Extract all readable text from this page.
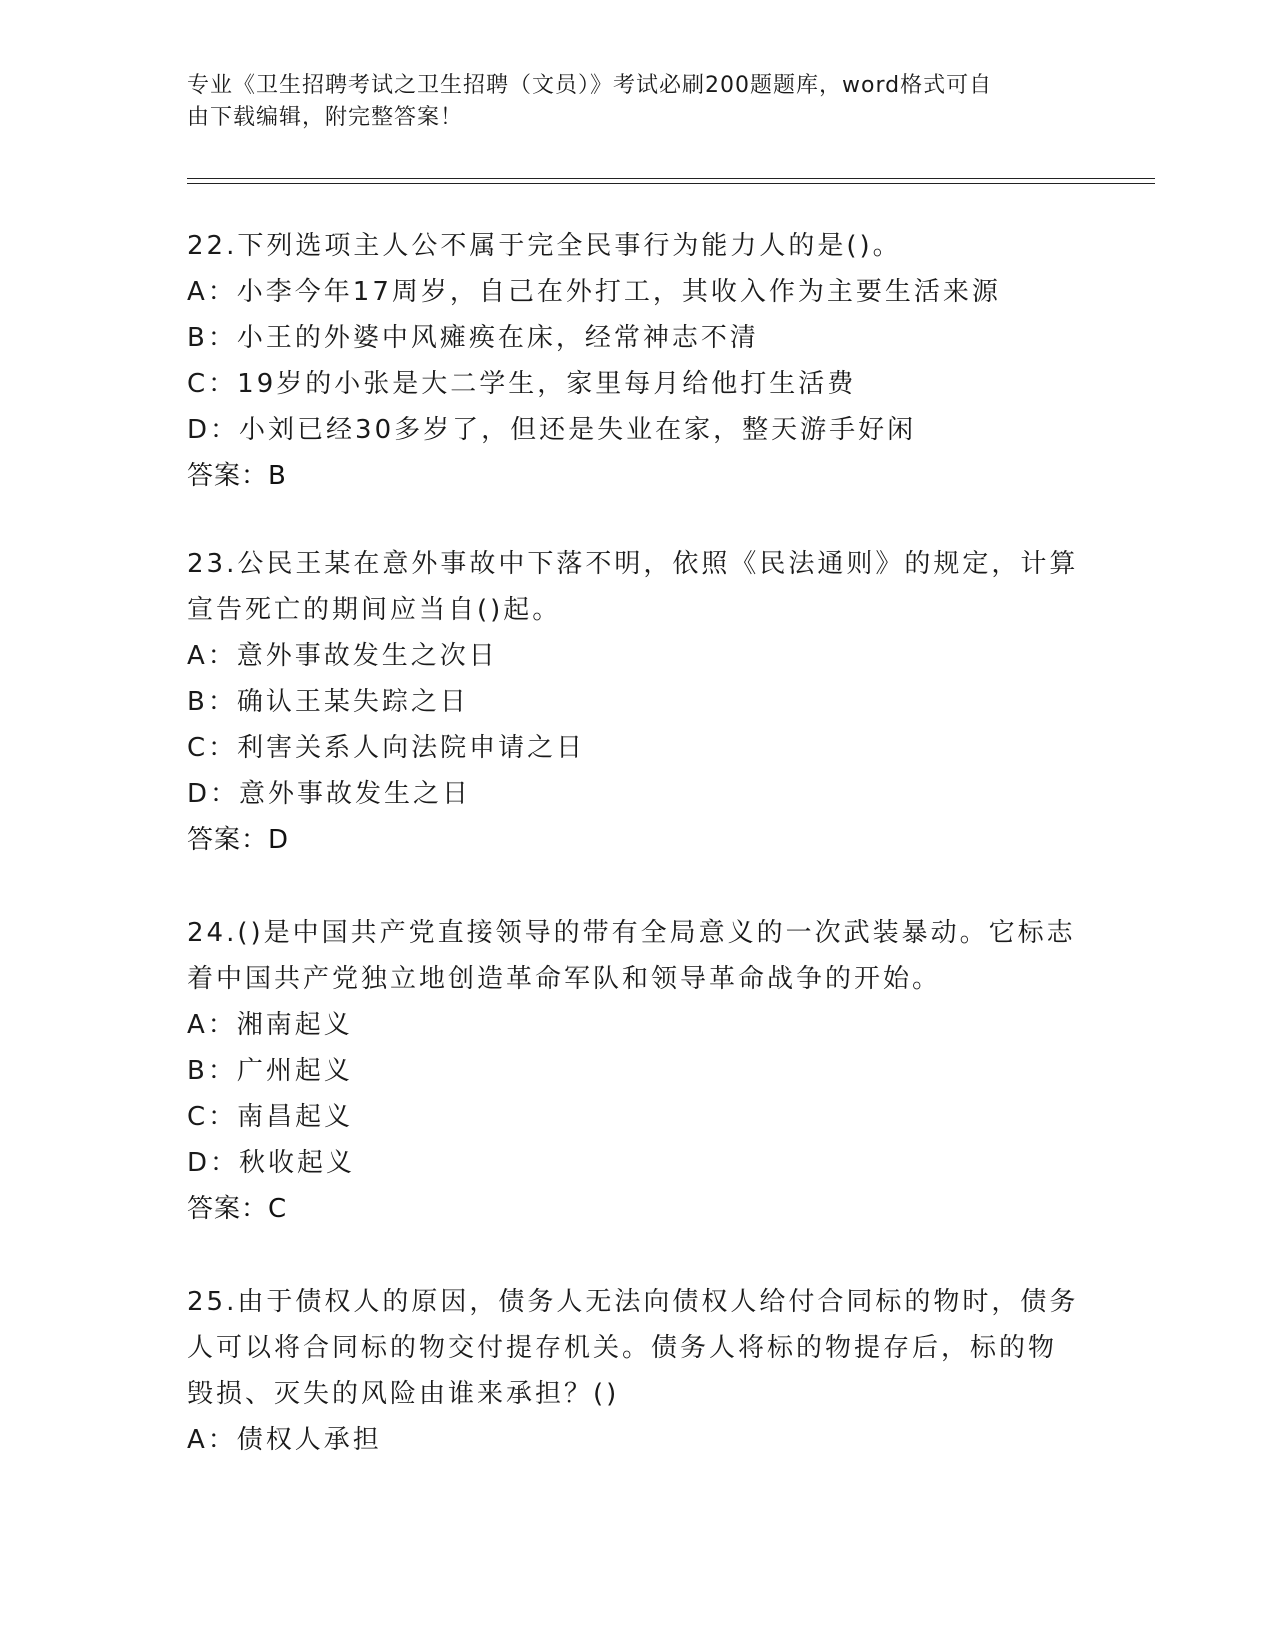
专业《卫生招聘考试之卫生招聘（文员）》考试必刷200题题库，word格式可自
由下载编辑，附完整答案！
22.下列选项主人公不属于完全民事行为能力人的是()。
A：小李今年17周岁，自己在外打工，其收入作为主要生活来源
B：小王的外婆中风瘫痪在床，经常神志不清
C：19岁的小张是大二学生，家里每月给他打生活费
D：小刘已经30多岁了，但还是失业在家，整天游手好闲
答案：B
23.公民王某在意外事故中下落不明，依照《民法通则》的规定，计算
宣告死亡的期间应当自()起。
A：意外事故发生之次日
B：确认王某失踪之日
C：利害关系人向法院申请之日
D：意外事故发生之日
答案：D
24.()是中国共产党直接领导的带有全局意义的一次武装暴动。它标志
着中国共产党独立地创造革命军队和领导革命战争的开始。
A：湘南起义
B：广州起义
C：南昌起义
D：秋收起义
答案：C
25.由于债权人的原因，债务人无法向债权人给付合同标的物时，债务
人可以将合同标的物交付提存机关。债务人将标的物提存后，标的物
毁损、灭失的风险由谁来承担？()
A：债权人承担
